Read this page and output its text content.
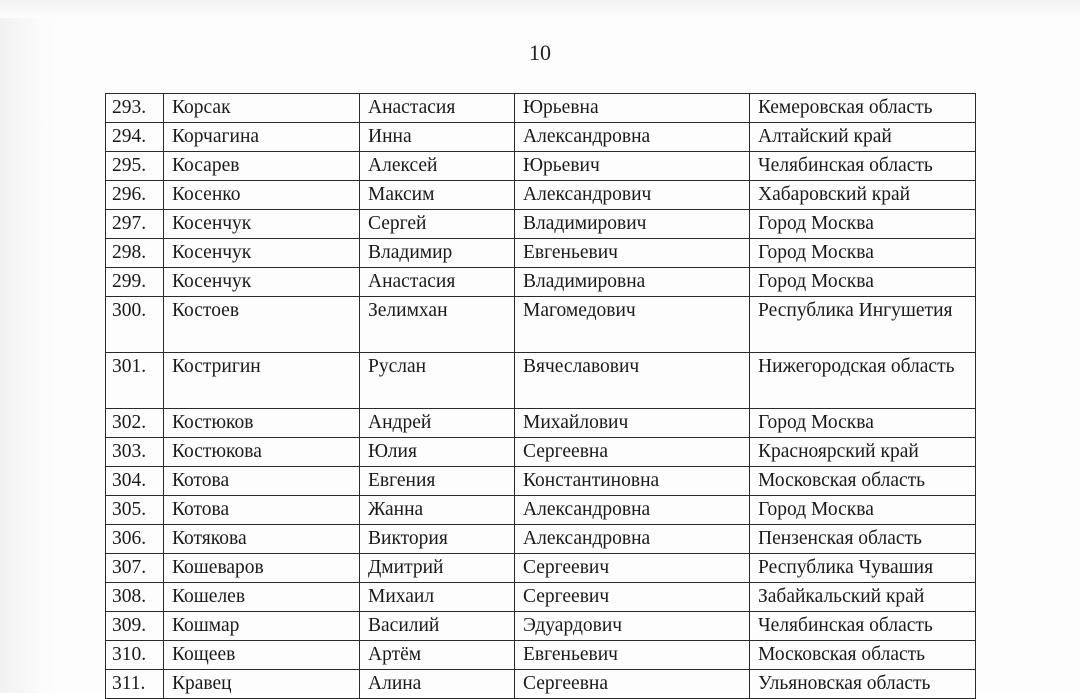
10
293.	Корсак	Анастасия	Юрьевна	Кемеровская область
294.	Корчагина	Инна	Александровна	Алтайский край
295.	Косарев	Алексей	Юрьевич	Челябинская область
296.	Косенко	Максим	Александрович	Хабаровский край
297.	Косенчук	Сергей	Владимирович	Город Москва
298.	Косенчук	Владимир	Евгеньевич	Город Москва
299.	Косенчук	Анастасия	Владимировна	Город Москва
300.	Костоев	Зелимхан	Магомедович	Республика Ингушетия
301.	Костригин	Руслан	Вячеславович	Нижегородская область
302.	Костюков	Андрей	Михайлович	Город Москва
303.	Костюкова	Юлия	Сергеевна	Красноярский край
304.	Котова	Евгения	Константиновна	Московская область
305.	Котова	Жанна	Александровна	Город Москва
306.	Котякова	Виктория	Александровна	Пензенская область
307.	Кошеваров	Дмитрий	Сергеевич	Республика Чувашия
308.	Кошелев	Михаил	Сергеевич	Забайкальский край
309.	Кошмар	Василий	Эдуардович	Челябинская область
310.	Кощеев	Артём	Евгеньевич	Московская область
311.	Кравец	Алина	Сергеевна	Ульяновская область
